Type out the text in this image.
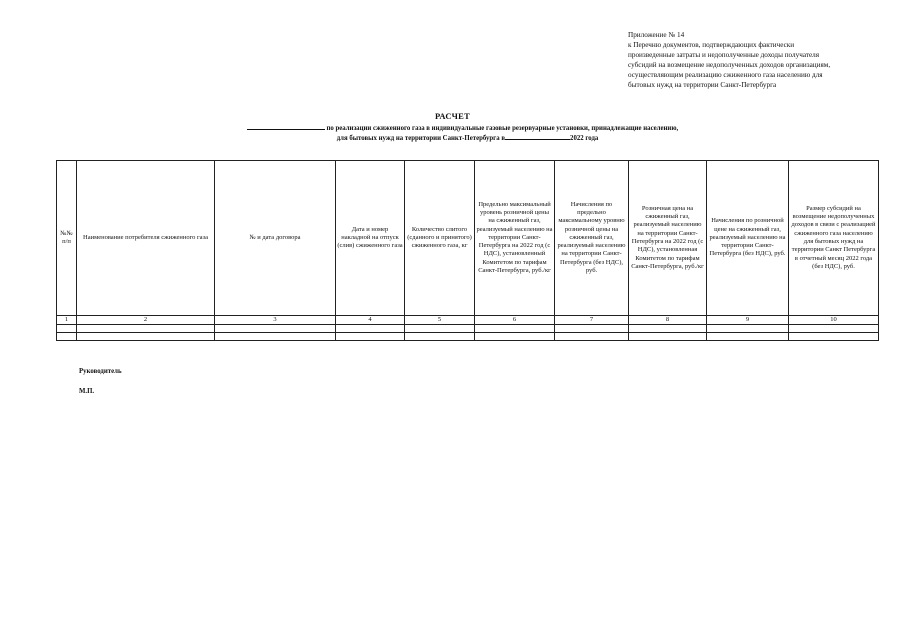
Приложение № 14
к Перечню документов, подтверждающих фактически
произведенные затраты и недополученные доходы получателя
субсидий на возмещение недополученных доходов организациям,
осуществляющим реализацию сжиженного газа населению для
бытовых нужд на территории Санкт-Петербурга
РАСЧЕТ
по реализации сжиженного газа в индивидуальные газовые резервуарные установки, принадлежащие населению,
для бытовых нужд на территории Санкт-Петербурга в	2022 года
№№ п/п	Наименование потребителя сжиженного газа	№ и дата договора	Дата и номер накладной на отпуск (слив) сжиженного газа	Количество слитого (сданного и принятого) сжиженного газа, кг	Предельно максимальный уровень розничной цены на сжиженный газ, реализуемый населению на территории Санкт-Петербурга на 2022 год (с НДС), установленный Комитетом по тарифам Санкт-Петербурга, руб./кг	Начисления по предельно максимальному уровню розничной цены на сжиженный газ, реализуемый населению на территории Санкт-Петербурга (без НДС), руб.	Розничная цена на сжиженный газ, реализуемый населению на территории Санкт-Петербурга на 2022 год (с НДС), установленная Комитетом по тарифам Санкт-Петербурга, руб./кг	Начисления по розничной цене на сжиженный газ, реализуемый населению на территории Санкт-Петербурга (без НДС), руб.	Размер субсидий на возмещение недополученных доходов в связи с реализацией сжиженного газа населению для бытовых нужд на территории Санкт Петербурга в отчетный месяц 2022 года (без НДС), руб.
1	2	3	4	5	6	7	8	9	10

Руководитель
М.П.
